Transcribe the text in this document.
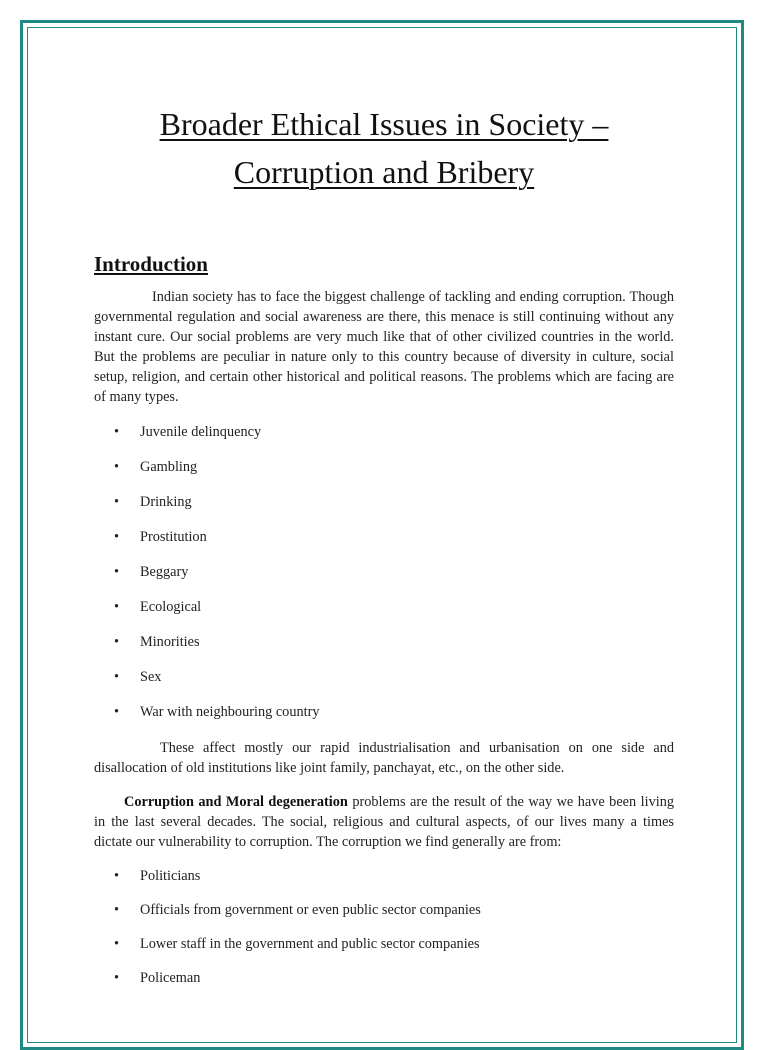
Broader Ethical Issues in Society –
Corruption and Bribery
Introduction

Indian society has to face the biggest challenge of tackling and ending corruption. Though governmental regulation and social awareness are there, this menace is still continuing without any instant cure. Our social problems are very much like that of other civilized countries in the world. But the problems are peculiar in nature only to this country because of diversity in culture, social setup, religion, and certain other historical and political reasons. The problems which are facing are of many types.

• Juvenile delinquency
• Gambling
• Drinking
• Prostitution
• Beggary
• Ecological
• Minorities
• Sex
• War with neighbouring country

These affect mostly our rapid industrialisation and urbanisation on one side and disallocation of old institutions like joint family, panchayat, etc., on the other side.

Corruption and Moral degeneration problems are the result of the way we have been living in the last several decades. The social, religious and cultural aspects, of our lives many a times dictate our vulnerability to corruption. The corruption we find generally are from:

• Politicians
• Officials from government or even public sector companies
• Lower staff in the government and public sector companies
• Policeman
